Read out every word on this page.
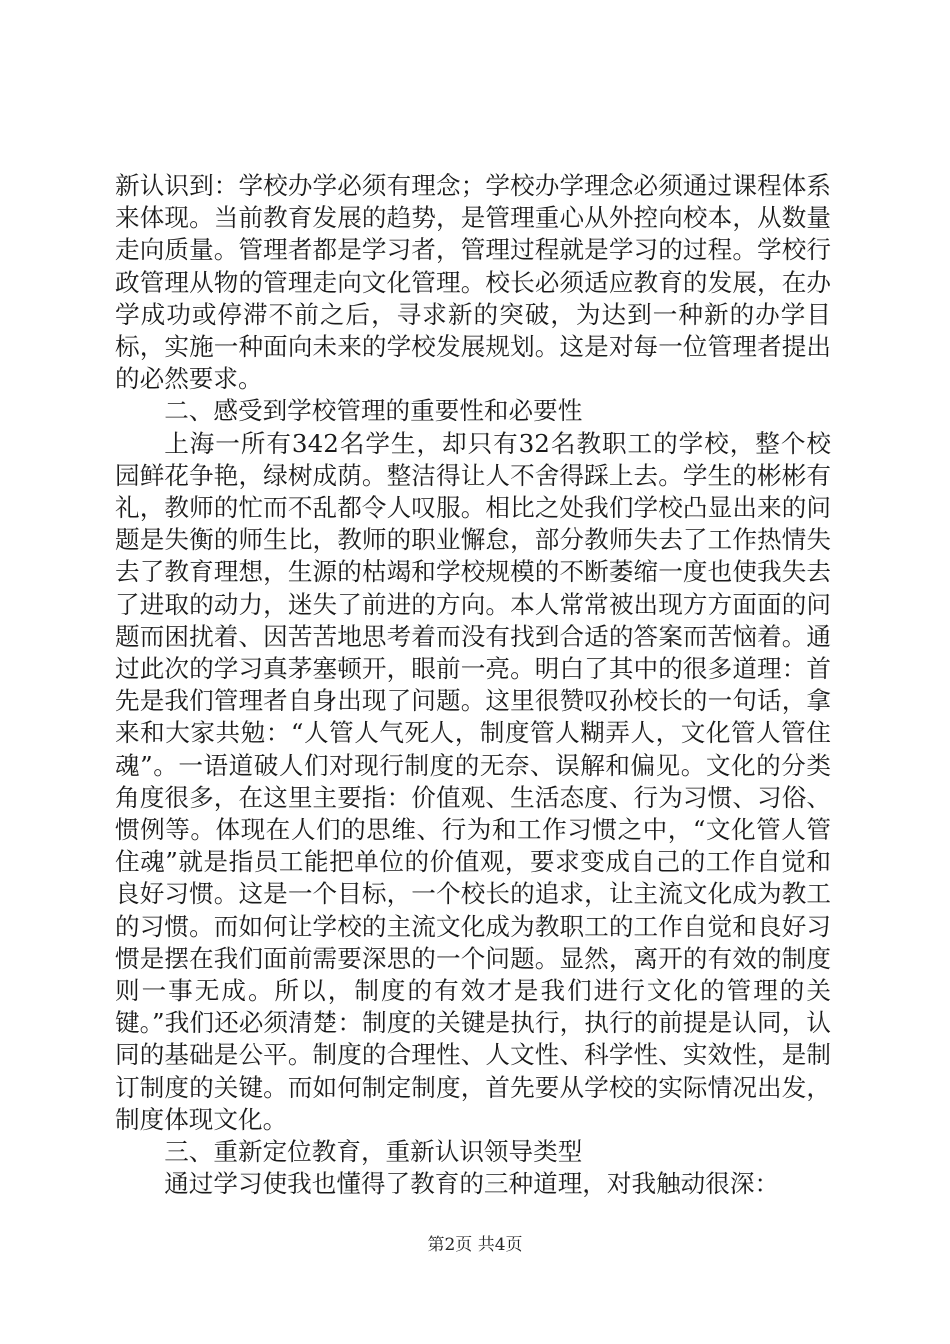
新认识到：学校办学必须有理念；学校办学理念必须通过课程体系来体现。当前教育发展的趋势，是管理重心从外控向校本，从数量走向质量。管理者都是学习者，管理过程就是学习的过程。学校行政管理从物的管理走向文化管理。校长必须适应教育的发展，在办学成功或停滞不前之后，寻求新的突破，为达到一种新的办学目标，实施一种面向未来的学校发展规划。这是对每一位管理者提出的必然要求。

二、感受到学校管理的重要性和必要性

上海一所有342名学生，却只有32名教职工的学校，整个校园鲜花争艳，绿树成荫。整洁得让人不舍得踩上去。学生的彬彬有礼，教师的忙而不乱都令人叹服。相比之处我们学校凸显出来的问题是失衡的师生比，教师的职业懈怠，部分教师失去了工作热情失去了教育理想，生源的枯竭和学校规模的不断萎缩一度也使我失去了进取的动力，迷失了前进的方向。本人常常被出现方方面面的问题而困扰着、因苦苦地思考着而没有找到合适的答案而苦恼着。通过此次的学习真茅塞顿开，眼前一亮。明白了其中的很多道理：首先是我们管理者自身出现了问题。这里很赞叹孙校长的一句话，拿来和大家共勉：“人管人气死人，制度管人糊弄人，文化管人管住魂”。一语道破人们对现行制度的无奈、误解和偏见。文化的分类角度很多，在这里主要指：价值观、生活态度、行为习惯、习俗、惯例等。体现在人们的思维、行为和工作习惯之中，“文化管人管住魂”就是指员工能把单位的价值观，要求变成自己的工作自觉和良好习惯。这是一个目标，一个校长的追求，让主流文化成为教工的习惯。而如何让学校的主流文化成为教职工的工作自觉和良好习惯是摆在我们面前需要深思的一个问题。显然，离开的有效的制度则一事无成。所以，制度的有效才是我们进行文化的管理的关键。”我们还必须清楚：制度的关键是执行，执行的前提是认同，认同的基础是公平。制度的合理性、人文性、科学性、实效性，是制订制度的关键。而如何制定制度，首先要从学校的实际情况出发，制度体现文化。

三、重新定位教育，重新认识领导类型

通过学习使我也懂得了教育的三种道理，对我触动很深：

第2页 共4页
